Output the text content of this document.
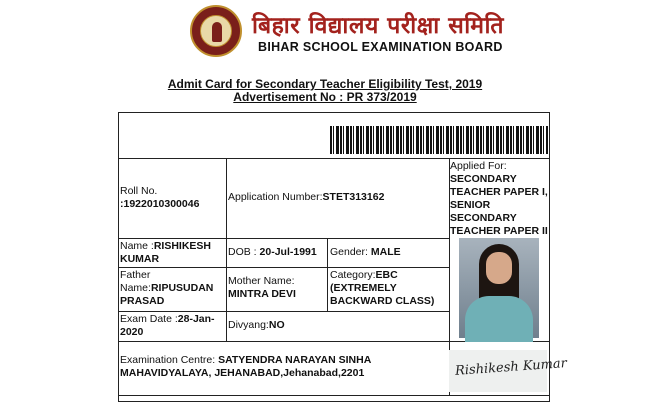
बिहार विद्यालय परीक्षा समिति
BIHAR SCHOOL EXAMINATION BOARD
Admit Card for Secondary Teacher Eligibility Test, 2019
Advertisement No : PR 373/2019
Roll No.
:1922010300046
Application Number:STET313162
Applied For:
SECONDARY TEACHER PAPER I, SENIOR SECONDARY TEACHER PAPER II
Name :RISHIKESH KUMAR
DOB : 20-Jul-1991	Gender: MALE
Father Name:RIPUSUDAN PRASAD
Mother Name: MINTRA DEVI
Category:EBC (EXTREMELY BACKWARD CLASS)
Exam Date :28-Jan-2020
Divyang:NO
Examination Centre: SATYENDRA NARAYAN SINHA MAHAVIDYALAYA, JEHANABAD,Jehanabad,2201	Rishikesh Kumar
